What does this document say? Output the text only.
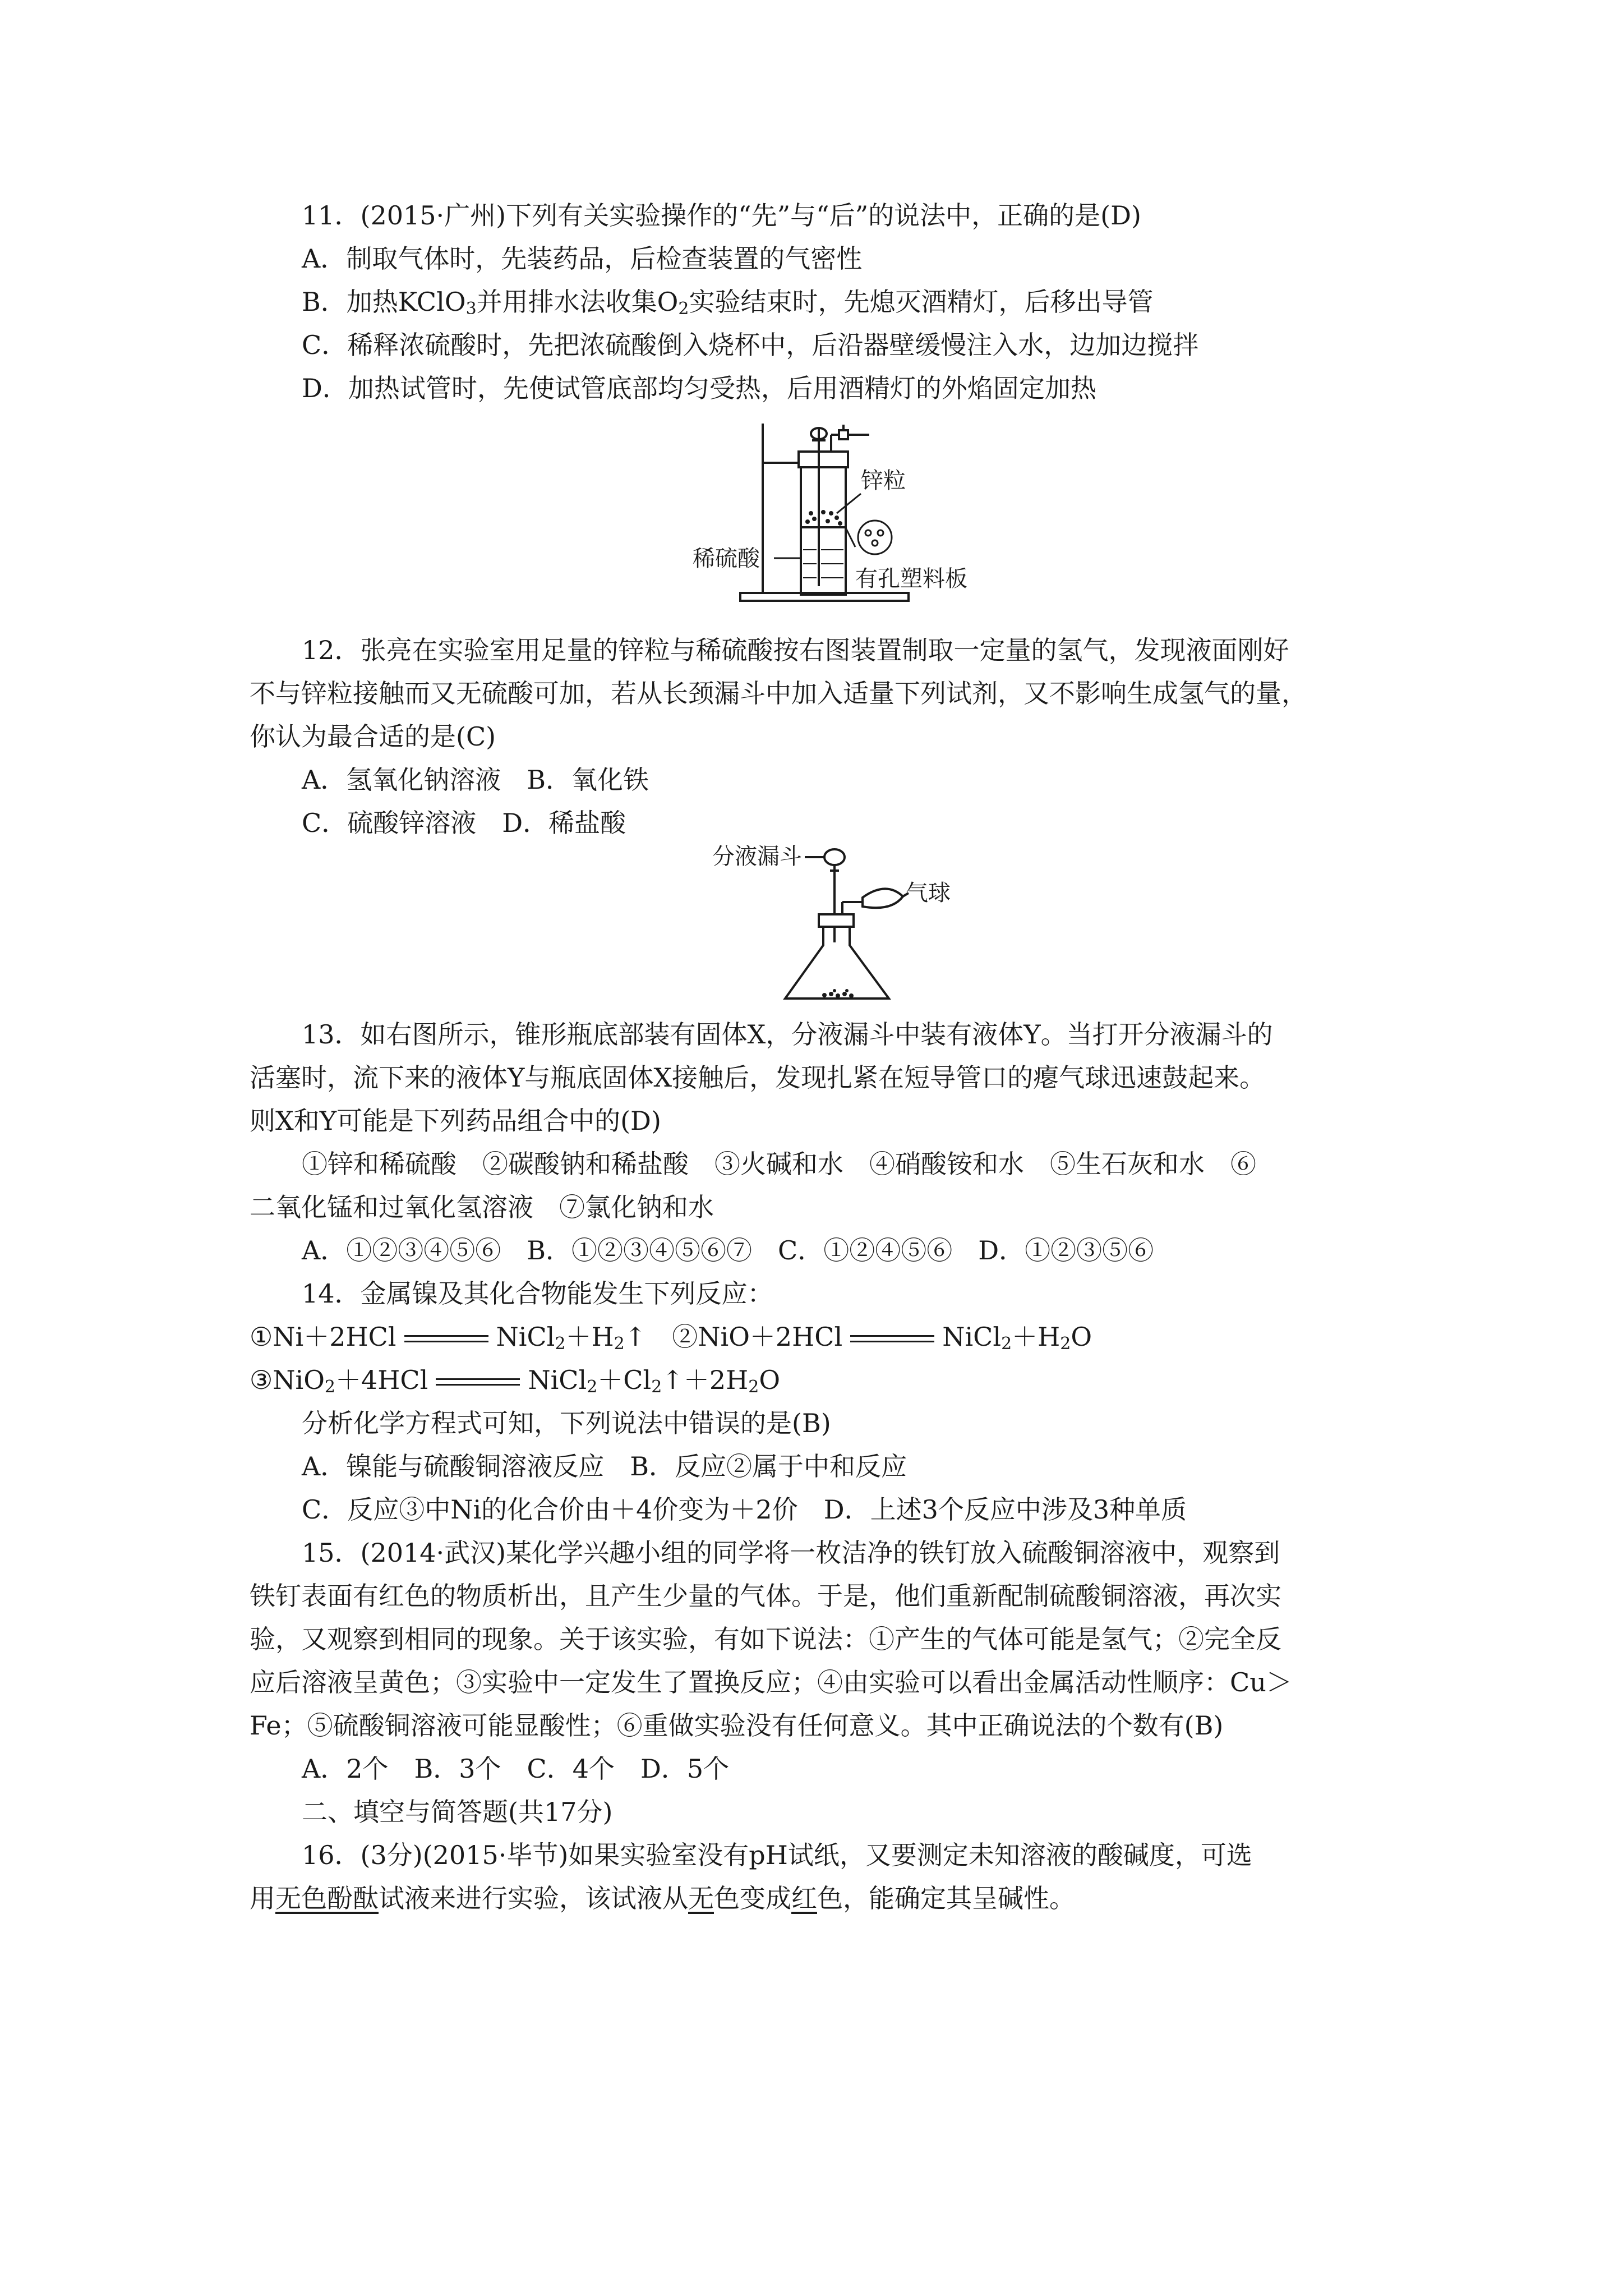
11．(2015·广州)下列有关实验操作的“先”与“后”的说法中，正确的是(D)
A．制取气体时，先装药品，后检查装置的气密性
B．加热KClO$_3$并用排水法收集$O_2$实验结束时，先熄灭酒精灯，后移出导管
C．稀释浓硫酸时，先把浓硫酸倒入烧杯中，后沿器壁缓慢注入水，边加边搅拌
D．加热试管时，先使试管底部均匀受热，后用酒精灯的外焰固定加热
锌粒
稀硫酸
有孔塑料板
12．张亮在实验室用足量的锌粒与稀硫酸按右图装置制取一定量的氢气，发现液面刚好
不与锌粒接触而又无硫酸可加，若从长颈漏斗中加入适量下列试剂，又不影响生成氢气的量，
你认为最合适的是(C)
A．氢氧化钠溶液　B．氧化铁
C．硫酸锌溶液　D．稀盐酸
分液漏斗
气球
13．如右图所示，锥形瓶底部装有固体X，分液漏斗中装有液体Y。当打开分液漏斗的
活塞时，流下来的液体Y与瓶底固体X接触后，发现扎紧在短导管口的瘪气球迅速鼓起来。
则X和Y可能是下列药品组合中的(D)
①锌和稀硫酸　②碳酸钠和稀盐酸　③火碱和水　④硝酸铵和水　⑤生石灰和水　⑥
二氧化锰和过氧化氢溶液　⑦氯化钠和水
A．①②③④⑤⑥　B．①②③④⑤⑥⑦　C．①②④⑤⑥　D．①②③⑤⑥
14．金属镍及其化合物能发生下列反应：
①Ni＋2HCl	$NiCl_2+H_2↑$　②NiO＋2HCl	$NiCl_2+H_2O$
③NiO$_2$＋4HCl	$NiCl_2+Cl_2↑+2H_2O$
分析化学方程式可知，下列说法中错误的是(B)
A．镍能与硫酸铜溶液反应　B．反应②属于中和反应
C．反应③中Ni的化合价由＋4价变为＋2价　D．上述3个反应中涉及3种单质
15．(2014·武汉)某化学兴趣小组的同学将一枚洁净的铁钉放入硫酸铜溶液中，观察到
铁钉表面有红色的物质析出，且产生少量的气体。于是，他们重新配制硫酸铜溶液，再次实
验，又观察到相同的现象。关于该实验，有如下说法：①产生的气体可能是氢气；②完全反
应后溶液呈黄色；③实验中一定发生了置换反应；④由实验可以看出金属活动性顺序：Cu＞
Fe；⑤硫酸铜溶液可能显酸性；⑥重做实验没有任何意义。其中正确说法的个数有(B)
A．2个　B．3个　C．4个　D．5个
二、填空与简答题(共17分)
16．(3分)(2015·毕节)如果实验室没有pH试纸，又要测定未知溶液的酸碱度，可选
用无色酚酞试液来进行实验，该试液从无色变成红色，能确定其呈碱性。
